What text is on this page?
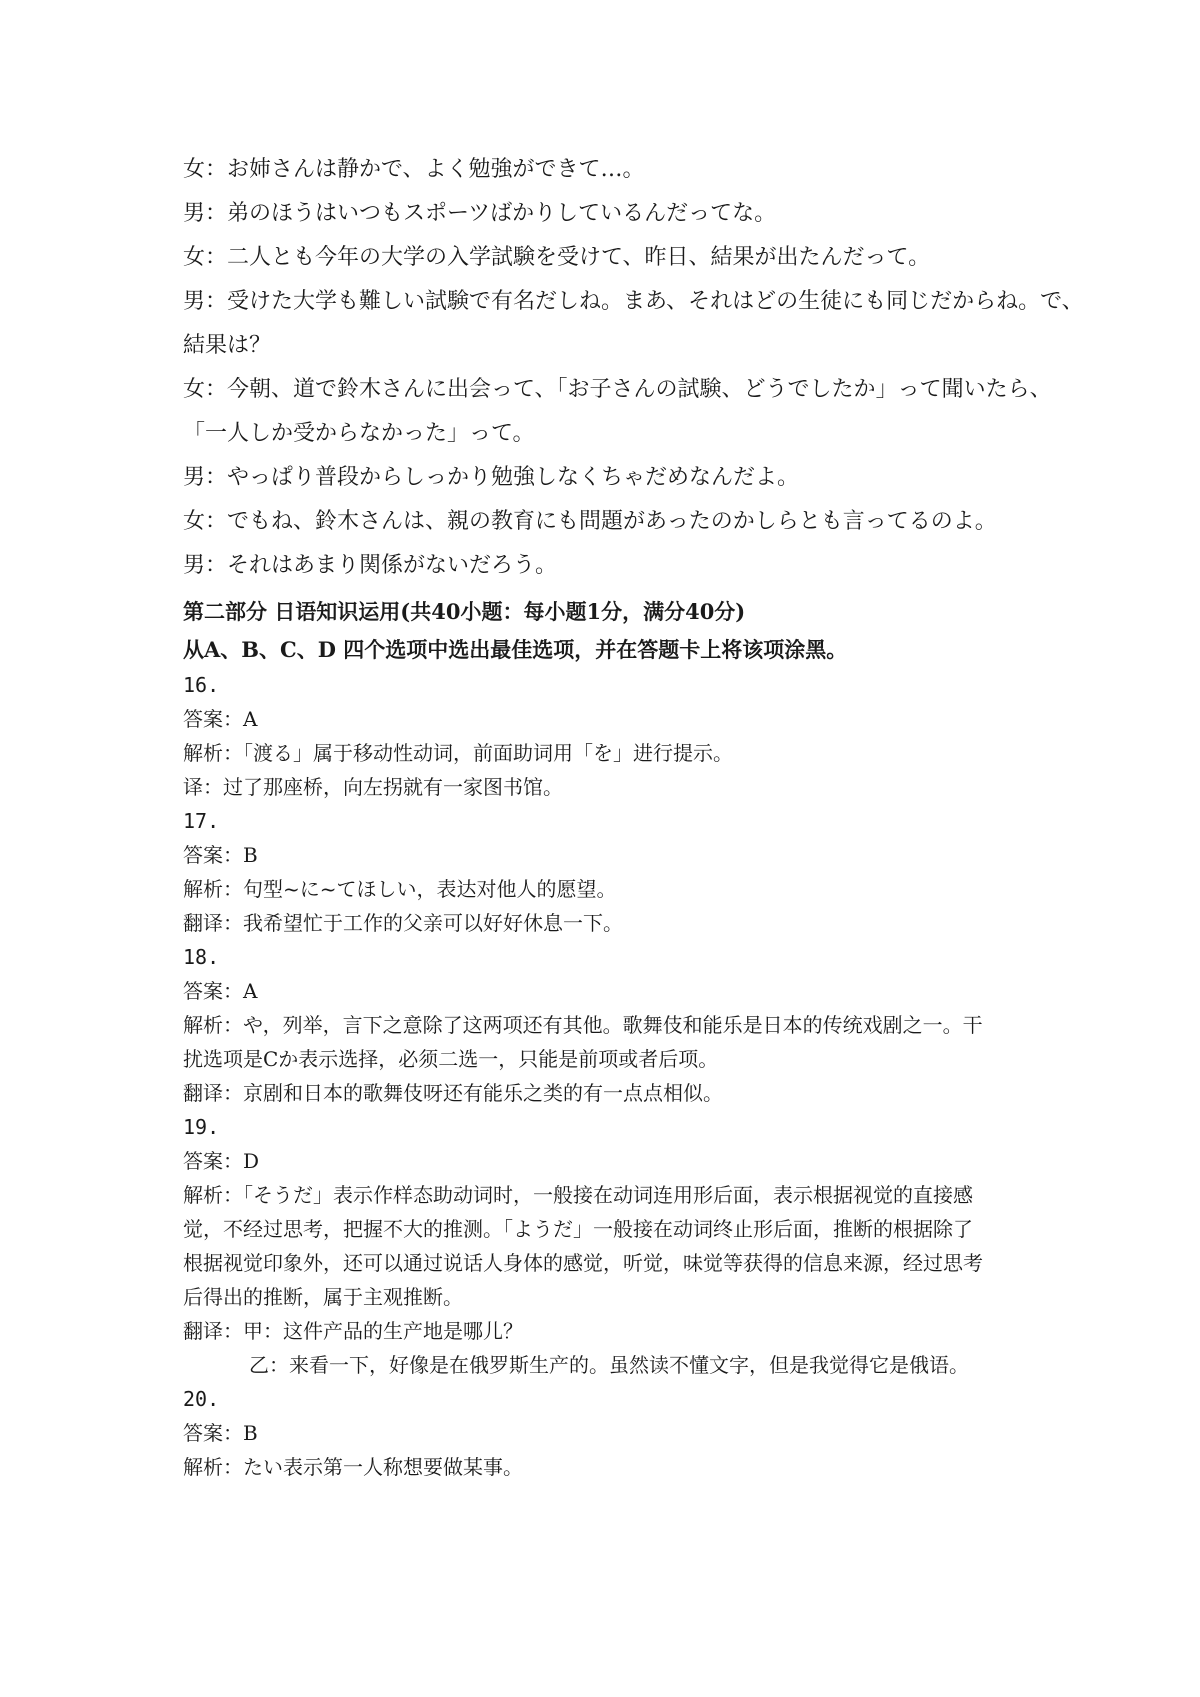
女：お姉さんは静かで、よく勉強ができて…。
男：弟のほうはいつもスポーツばかりしているんだってな。
女：二人とも今年の大学の入学試験を受けて、昨日、結果が出たんだって。
男：受けた大学も難しい試験で有名だしね。まあ、それはどの生徒にも同じだからね。で、
結果は？
女：今朝、道で鈴木さんに出会って、「お子さんの試験、どうでしたか」って聞いたら、
「一人しか受からなかった」って。
男：やっぱり普段からしっかり勉強しなくちゃだめなんだよ。
女：でもね、鈴木さんは、親の教育にも問題があったのかしらとも言ってるのよ。
男：それはあまり関係がないだろう。
第二部分 日语知识运用(共40小题：每小题1分，满分40分)
从A、B、C、D 四个选项中选出最佳选项，并在答题卡上将该项涂黑。
16.
答案：A
解析：「渡る」属于移动性动词，前面助词用「を」进行提示。
译：过了那座桥，向左拐就有一家图书馆。
17.
答案：B
解析：句型~に~てほしい，表达对他人的愿望。
翻译：我希望忙于工作的父亲可以好好休息一下。
18.
答案：A
解析：や，列举，言下之意除了这两项还有其他。歌舞伎和能乐是日本的传统戏剧之一。干
扰选项是Cか表示选择，必须二选一，只能是前项或者后项。
翻译：京剧和日本的歌舞伎呀还有能乐之类的有一点点相似。
19.
答案：D
解析：「そうだ」表示作样态助动词时，一般接在动词连用形后面，表示根据视觉的直接感
觉，不经过思考，把握不大的推测。「ようだ」一般接在动词终止形后面，推断的根据除了
根据视觉印象外，还可以通过说话人身体的感觉，听觉，味觉等获得的信息来源，经过思考
后得出的推断，属于主观推断。
翻译：甲：这件产品的生产地是哪儿？
乙：来看一下，好像是在俄罗斯生产的。虽然读不懂文字，但是我觉得它是俄语。
20.
答案：B
解析：たい表示第一人称想要做某事。
